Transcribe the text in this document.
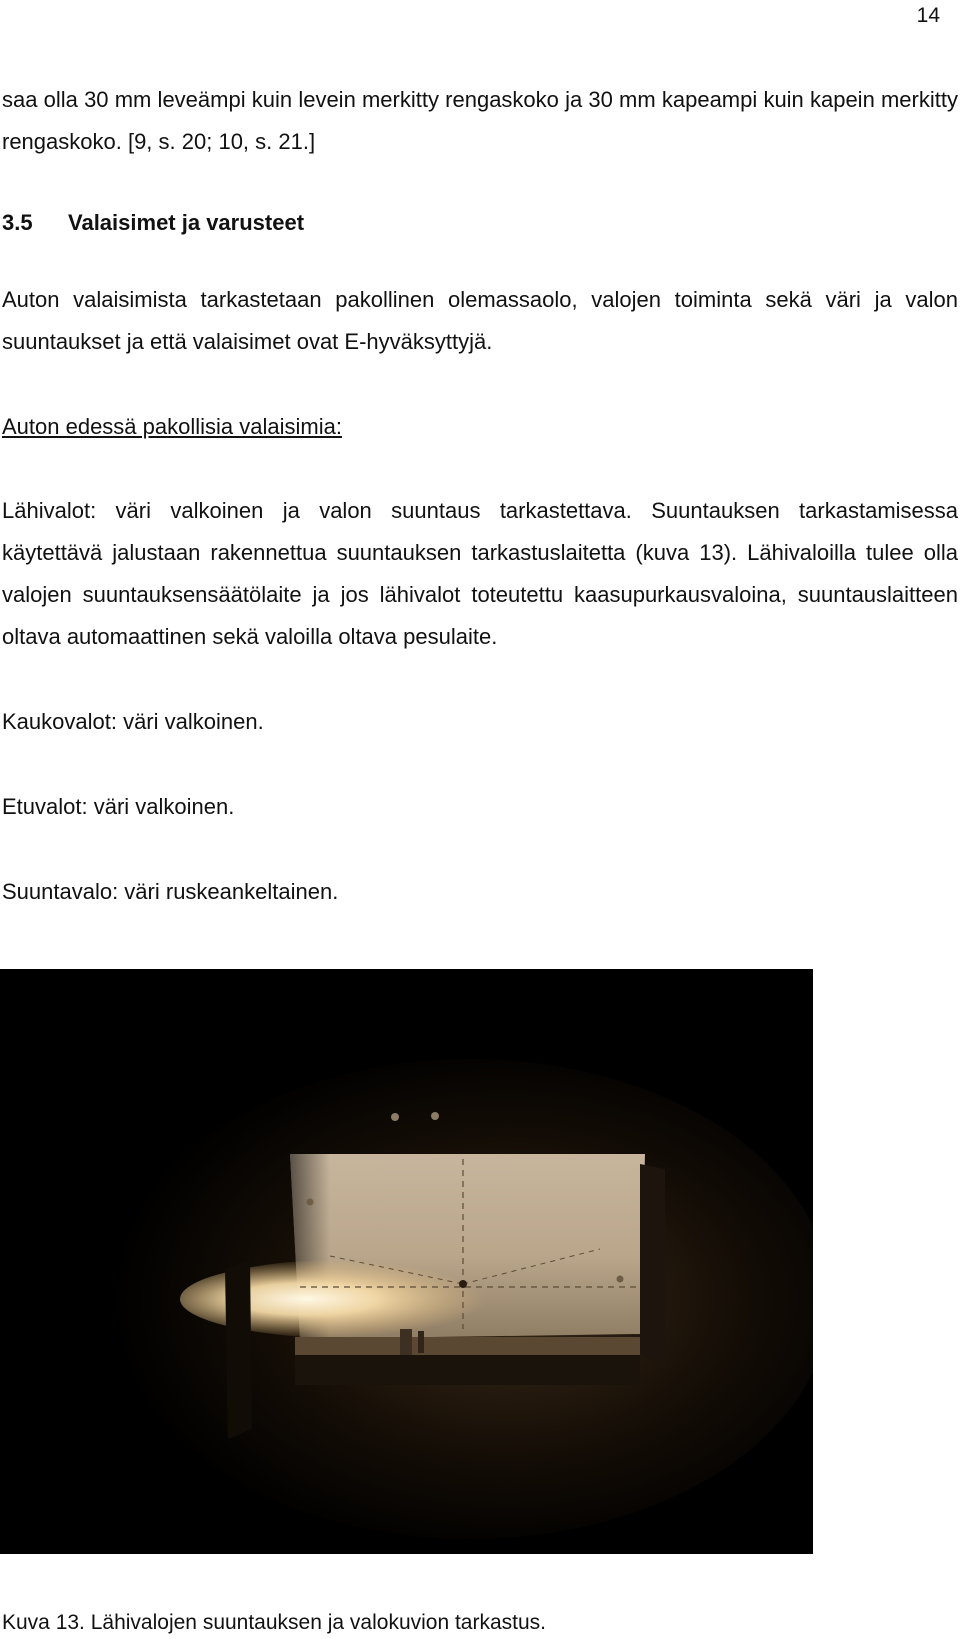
14

saa olla 30 mm leveämpi kuin levein merkitty rengaskoko ja 30 mm kapeampi kuin kapein merkitty rengaskoko. [9, s. 20; 10, s. 21.]

3.5 Valaisimet ja varusteet

Auton valaisimista tarkastetaan pakollinen olemassaolo, valojen toiminta sekä väri ja valon suuntaukset ja että valaisimet ovat E-hyväksyttyjä.

Auton edessä pakollisia valaisimia:

Lähivalot: väri valkoinen ja valon suuntaus tarkastettava. Suuntauksen tarkastamisessa käytettävä jalustaan rakennettua suuntauksen tarkastuslaitetta (kuva 13). Lähivaloilla tulee olla valojen suuntauksensäätölaite ja jos lähivalot toteutettu kaasupurkausvaloina, suuntauslaitteen oltava automaattinen sekä valoilla oltava pesulaite.

Kaukovalot: väri valkoinen.

Etuvalot: väri valkoinen.

Suuntavalo: väri ruskeankeltainen.

Kuva 13. Lähivalojen suuntauksen ja valokuvion tarkastus.
